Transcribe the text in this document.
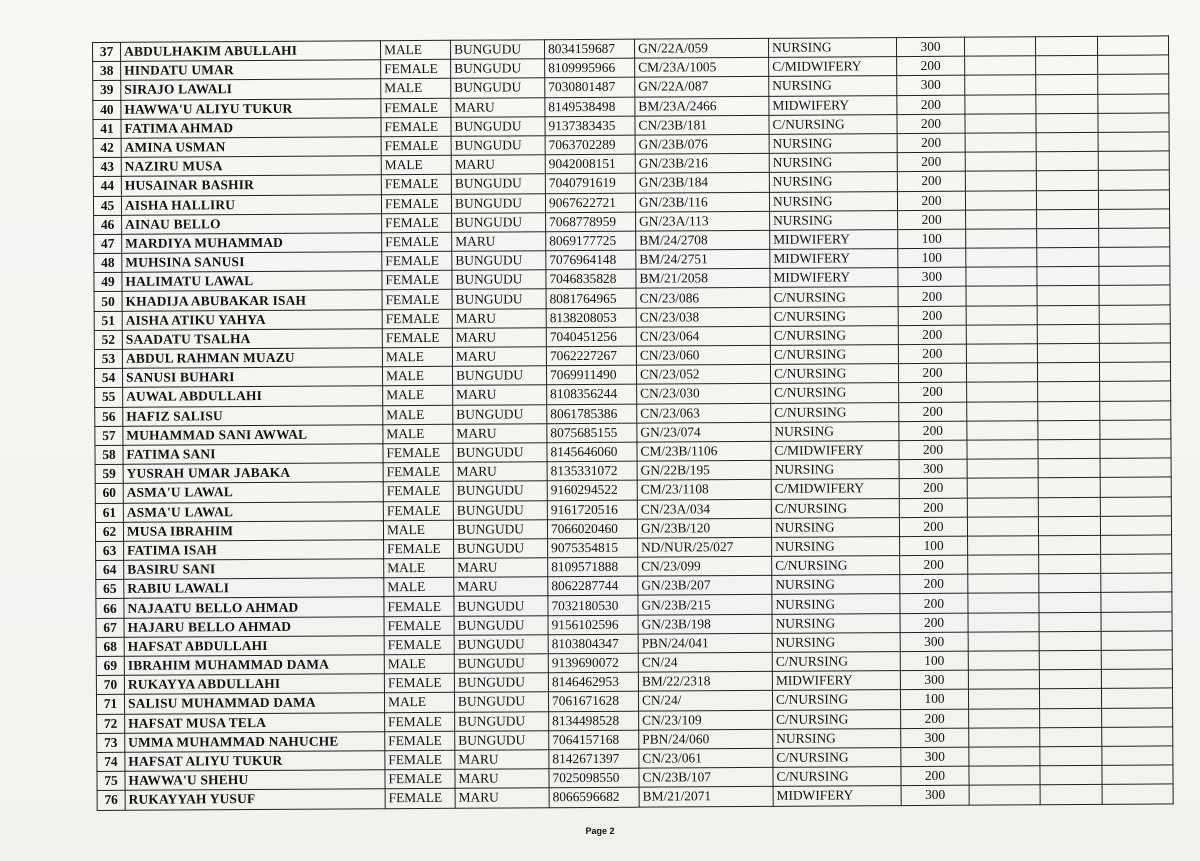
37	ABDULHAKIM ABULLAHI	MALE	BUNGUDU	8034159687	GN/22A/059	NURSING	300			
38	HINDATU UMAR	FEMALE	BUNGUDU	8109995966	CM/23A/1005	C/MIDWIFERY	200			
39	SIRAJO LAWALI	MALE	BUNGUDU	7030801487	GN/22A/087	NURSING	300			
40	HAWWA'U ALIYU TUKUR	FEMALE	MARU	8149538498	BM/23A/2466	MIDWIFERY	200			
41	FATIMA AHMAD	FEMALE	BUNGUDU	9137383435	CN/23B/181	C/NURSING	200			
42	AMINA USMAN	FEMALE	BUNGUDU	7063702289	GN/23B/076	NURSING	200			
43	NAZIRU MUSA	MALE	MARU	9042008151	GN/23B/216	NURSING	200			
44	HUSAINAR BASHIR	FEMALE	BUNGUDU	7040791619	GN/23B/184	NURSING	200			
45	AISHA HALLIRU	FEMALE	BUNGUDU	9067622721	GN/23B/116	NURSING	200			
46	AINAU BELLO	FEMALE	BUNGUDU	7068778959	GN/23A/113	NURSING	200			
47	MARDIYA MUHAMMAD	FEMALE	MARU	8069177725	BM/24/2708	MIDWIFERY	100			
48	MUHSINA SANUSI	FEMALE	BUNGUDU	7076964148	BM/24/2751	MIDWIFERY	100			
49	HALIMATU LAWAL	FEMALE	BUNGUDU	7046835828	BM/21/2058	MIDWIFERY	300			
50	KHADIJA ABUBAKAR ISAH	FEMALE	BUNGUDU	8081764965	CN/23/086	C/NURSING	200			
51	AISHA ATIKU YAHYA	FEMALE	MARU	8138208053	CN/23/038	C/NURSING	200			
52	SAADATU TSALHA	FEMALE	MARU	7040451256	CN/23/064	C/NURSING	200			
53	ABDUL RAHMAN MUAZU	MALE	MARU	7062227267	CN/23/060	C/NURSING	200			
54	SANUSI BUHARI	MALE	BUNGUDU	7069911490	CN/23/052	C/NURSING	200			
55	AUWAL ABDULLAHI	MALE	MARU	8108356244	CN/23/030	C/NURSING	200			
56	HAFIZ SALISU	MALE	BUNGUDU	8061785386	CN/23/063	C/NURSING	200			
57	MUHAMMAD SANI AWWAL	MALE	MARU	8075685155	GN/23/074	NURSING	200			
58	FATIMA SANI	FEMALE	BUNGUDU	8145646060	CM/23B/1106	C/MIDWIFERY	200			
59	YUSRAH UMAR JABAKA	FEMALE	MARU	8135331072	GN/22B/195	NURSING	300			
60	ASMA'U LAWAL	FEMALE	BUNGUDU	9160294522	CM/23/1108	C/MIDWIFERY	200			
61	ASMA'U LAWAL	FEMALE	BUNGUDU	9161720516	CN/23A/034	C/NURSING	200			
62	MUSA IBRAHIM	MALE	BUNGUDU	7066020460	GN/23B/120	NURSING	200			
63	FATIMA ISAH	FEMALE	BUNGUDU	9075354815	ND/NUR/25/027	NURSING	100			
64	BASIRU SANI	MALE	MARU	8109571888	CN/23/099	C/NURSING	200			
65	RABIU LAWALI	MALE	MARU	8062287744	GN/23B/207	NURSING	200			
66	NAJAATU BELLO AHMAD	FEMALE	BUNGUDU	7032180530	GN/23B/215	NURSING	200			
67	HAJARU BELLO AHMAD	FEMALE	BUNGUDU	9156102596	GN/23B/198	NURSING	200			
68	HAFSAT ABDULLAHI	FEMALE	BUNGUDU	8103804347	PBN/24/041	NURSING	300			
69	IBRAHIM MUHAMMAD DAMA	MALE	BUNGUDU	9139690072	CN/24	C/NURSING	100			
70	RUKAYYA ABDULLAHI	FEMALE	BUNGUDU	8146462953	BM/22/2318	MIDWIFERY	300			
71	SALISU MUHAMMAD DAMA	MALE	BUNGUDU	7061671628	CN/24/	C/NURSING	100			
72	HAFSAT MUSA TELA	FEMALE	BUNGUDU	8134498528	CN/23/109	C/NURSING	200			
73	UMMA MUHAMMAD NAHUCHE	FEMALE	BUNGUDU	7064157168	PBN/24/060	NURSING	300			
74	HAFSAT ALIYU TUKUR	FEMALE	MARU	8142671397	CN/23/061	C/NURSING	300			
75	HAWWA'U SHEHU	FEMALE	MARU	7025098550	CN/23B/107	C/NURSING	200			
76	RUKAYYAH YUSUF	FEMALE	MARU	8066596682	BM/21/2071	MIDWIFERY	300			
Page 2
